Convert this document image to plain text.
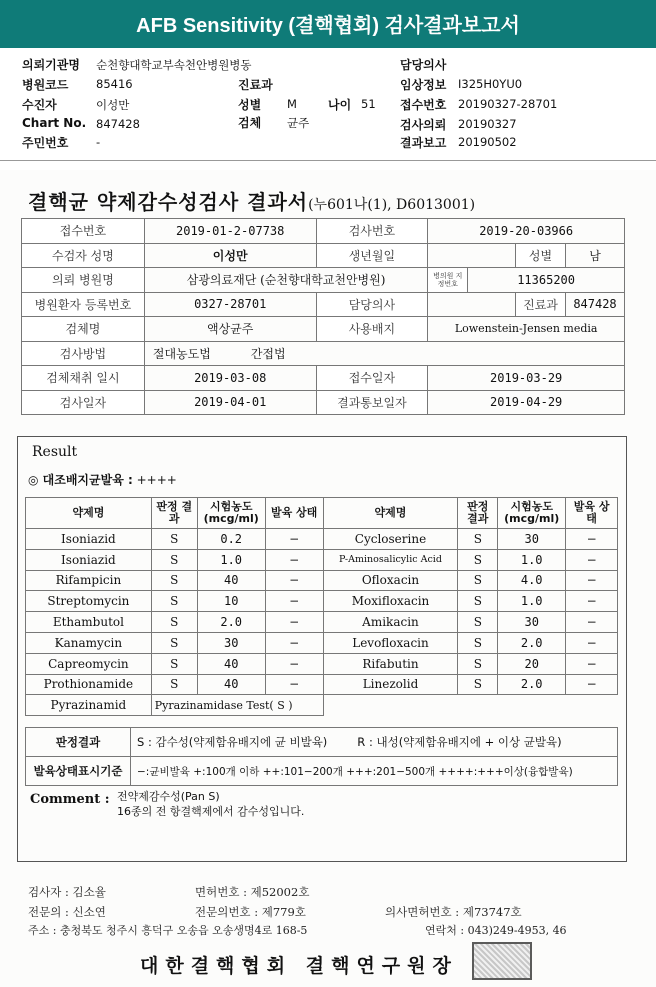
AFB Sensitivity (결핵협회) 검사결과보고서
의뢰기관명 순천향대학교부속천안병원병동
병원코드 85416	진료과
수진자	이성만	성별 M	나이 51
Chart No. 847428	검체 균주
주민번호 -
담당의사
임상정보 I325H0YU0
접수번호 20190327-28701
검사의뢰 20190327
결과보고 20190502
결핵균 약제감수성검사 결과서(누601나(1), D6013001)
접수번호	2019-01-2-07738	검사번호	2019-20-03966			
수검자 성명	이성만	생년월일			성별	남
의뢰 병원명	삼광의료재단 (순천향대학교천안병원)		병의원 지정번호	11365200		
병원환자 등록번호	0327-28701	담당의사			진료과	847428
검체명	액상균주	사용배지	Lowenstein-Jensen media			
검사방법	절대농도법 간접법					
검체채취 일시	2019-03-08	접수일자	2019-03-29			
검사일자	2019-04-01	결과통보일자	2019-04-29			
Result
◎ 대조배지균발육 : ++++
약제명	판정 결과	시험농도 (mcg/ml)	발육 상태	약제명	판정 결과	시험농도 (mcg/ml)	발육 상태
Isoniazid	S	0.2	−	Cycloserine	S	30	−
Isoniazid	S	1.0	−	P-Aminosalicylic Acid	S	1.0	−
Rifampicin	S	40	−	Ofloxacin	S	4.0	−
Streptomycin	S	10	−	Moxifloxacin	S	1.0	−
Ethambutol	S	2.0	−	Amikacin	S	30	−
Kanamycin	S	30	−	Levofloxacin	S	2.0	−
Capreomycin	S	40	−	Rifabutin	S	20	−
Prothionamide	S	40	−	Linezolid	S	2.0	−
Pyrazinamid	Pyrazinamidase Test( S )						
판정결과	S : 감수성(약제함유배지에 균 비발육) R : 내성(약제함유배지에 + 이상 균발육)
발육상태표시기준	−:균비발육 +:100개 이하 ++:101−200개 +++:201−500개 ++++:+++이상(융합발육)
Comment : 전약제감수성(Pan S)
16종의 전 항결핵제에서 감수성입니다.
검사자 : 김소율	면허번호 : 제52002호
전문의 : 신소연	전문의번호 : 제779호	의사면허번호 : 제73747호
주소 : 충청북도 청주시 흥덕구 오송읍 오송생명4로 168-5	연락처 : 043)249-4953, 46
대한결핵협회 결핵연구원장
